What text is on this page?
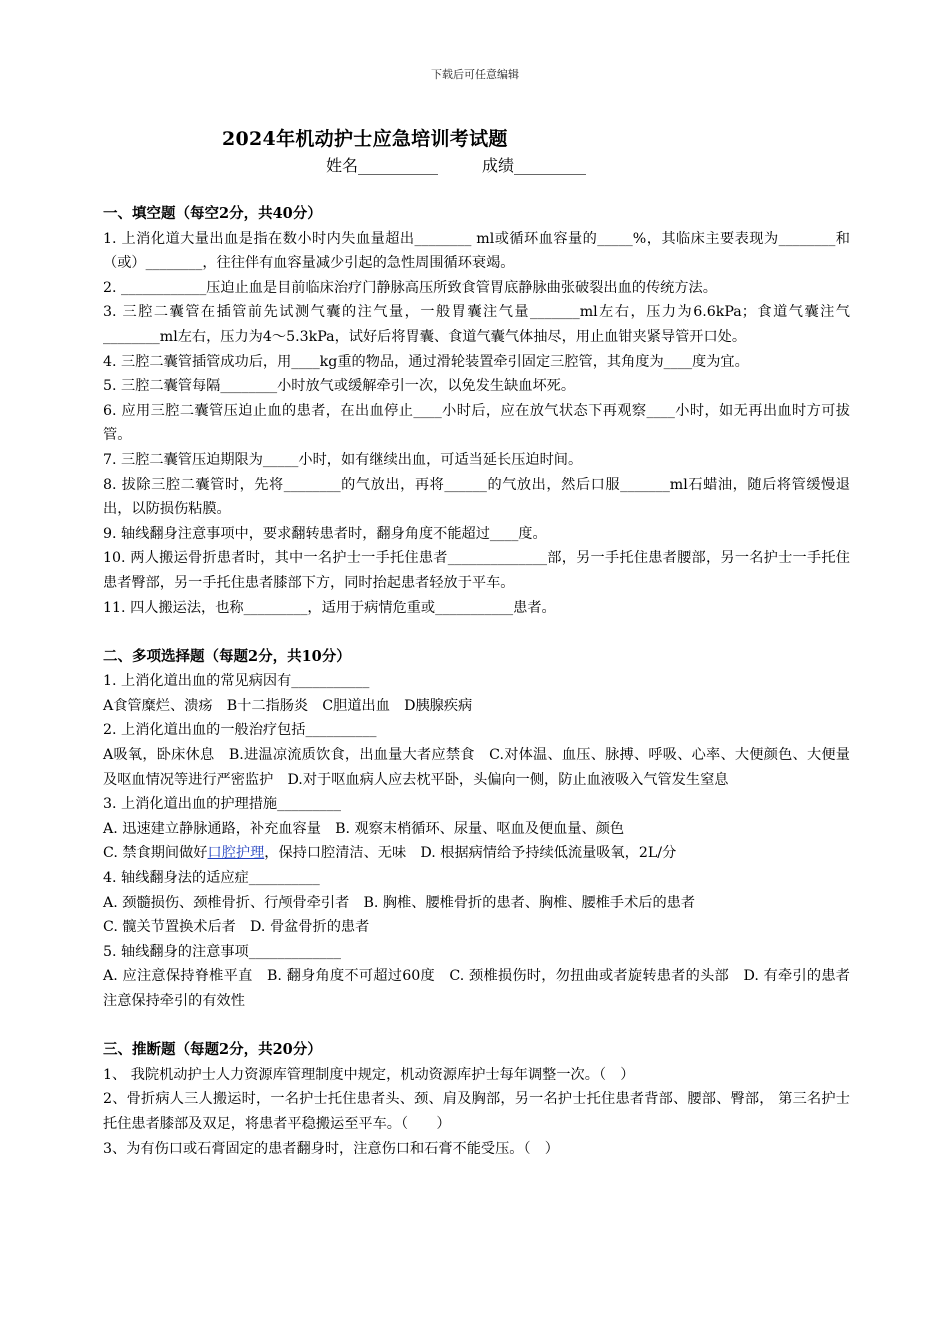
下载后可任意编辑
2024年机动护士应急培训考试题
姓名__________	成绩_________
一、填空题（每空2分，共40分）
1. 上消化道大量出血是指在数小时内失血量超出________ ml或循环血容量的_____%，其临床主要表现为________和（或）________，往往伴有血容量减少引起的急性周围循环衰竭。
2. ____________压迫止血是目前临床治疗门静脉高压所致食管胃底静脉曲张破裂出血的传统方法。
3. 三腔二囊管在插管前先试测气囊的注气量，一般胃囊注气量_______ml左右，压力为6.6kPa；食道气囊注气________ml左右，压力为4～5.3kPa，试好后将胃囊、食道气囊气体抽尽，用止血钳夹紧导管开口处。
4. 三腔二囊管插管成功后，用____kg重的物品，通过滑轮装置牵引固定三腔管，其角度为____度为宜。
5. 三腔二囊管每隔________小时放气或缓解牵引一次，以免发生缺血坏死。
6. 应用三腔二囊管压迫止血的患者，在出血停止____小时后，应在放气状态下再观察____小时，如无再出血时方可拔管。
7. 三腔二囊管压迫期限为_____小时，如有继续出血，可适当延长压迫时间。
8. 拔除三腔二囊管时，先将________的气放出，再将______的气放出，然后口服_______ml石蜡油，随后将管缓慢退出，以防损伤粘膜。
9. 轴线翻身注意事项中，要求翻转患者时，翻身角度不能超过____度。
10. 两人搬运骨折患者时，其中一名护士一手托住患者______________部，另一手托住患者腰部，另一名护士一手托住患者臀部，另一手托住患者膝部下方，同时抬起患者轻放于平车。
11. 四人搬运法，也称_________，适用于病情危重或___________患者。
二、多项选择题（每题2分，共10分）
1. 上消化道出血的常见病因有___________
A食管糜烂、溃疡　B十二指肠炎　C胆道出血　D胰腺疾病
2. 上消化道出血的一般治疗包括__________
A吸氧，卧床休息　B.进温凉流质饮食，出血量大者应禁食　C.对体温、血压、脉搏、呼吸、心率、大便颜色、大便量及呕血情况等进行严密监护　D.对于呕血病人应去枕平卧，头偏向一侧，防止血液吸入气管发生窒息
3. 上消化道出血的护理措施_________
A. 迅速建立静脉通路，补充血容量　B. 观察末梢循环、尿量、呕血及便血量、颜色
C. 禁食期间做好口腔护理，保持口腔清洁、无味　D. 根据病情给予持续低流量吸氧，2L/分
4. 轴线翻身法的适应症__________
A. 颈髓损伤、颈椎骨折、行颅骨牵引者　B. 胸椎、腰椎骨折的患者、胸椎、腰椎手术后的患者
C. 髋关节置换术后者　D. 骨盆骨折的患者
5. 轴线翻身的注意事项_____________
A. 应注意保持脊椎平直　B. 翻身角度不可超过60度　C. 颈椎损伤时，勿扭曲或者旋转患者的头部　D. 有牵引的患者注意保持牵引的有效性
三、推断题（每题2分，共20分）
1、 我院机动护士人力资源库管理制度中规定，机动资源库护士每年调整一次。（　）
2、骨折病人三人搬运时，一名护士托住患者头、颈、肩及胸部，另一名护士托住患者背部、腰部、臀部， 第三名护士托住患者膝部及双足，将患者平稳搬运至平车。（　　）
3、为有伤口或石膏固定的患者翻身时，注意伤口和石膏不能受压。（　）
